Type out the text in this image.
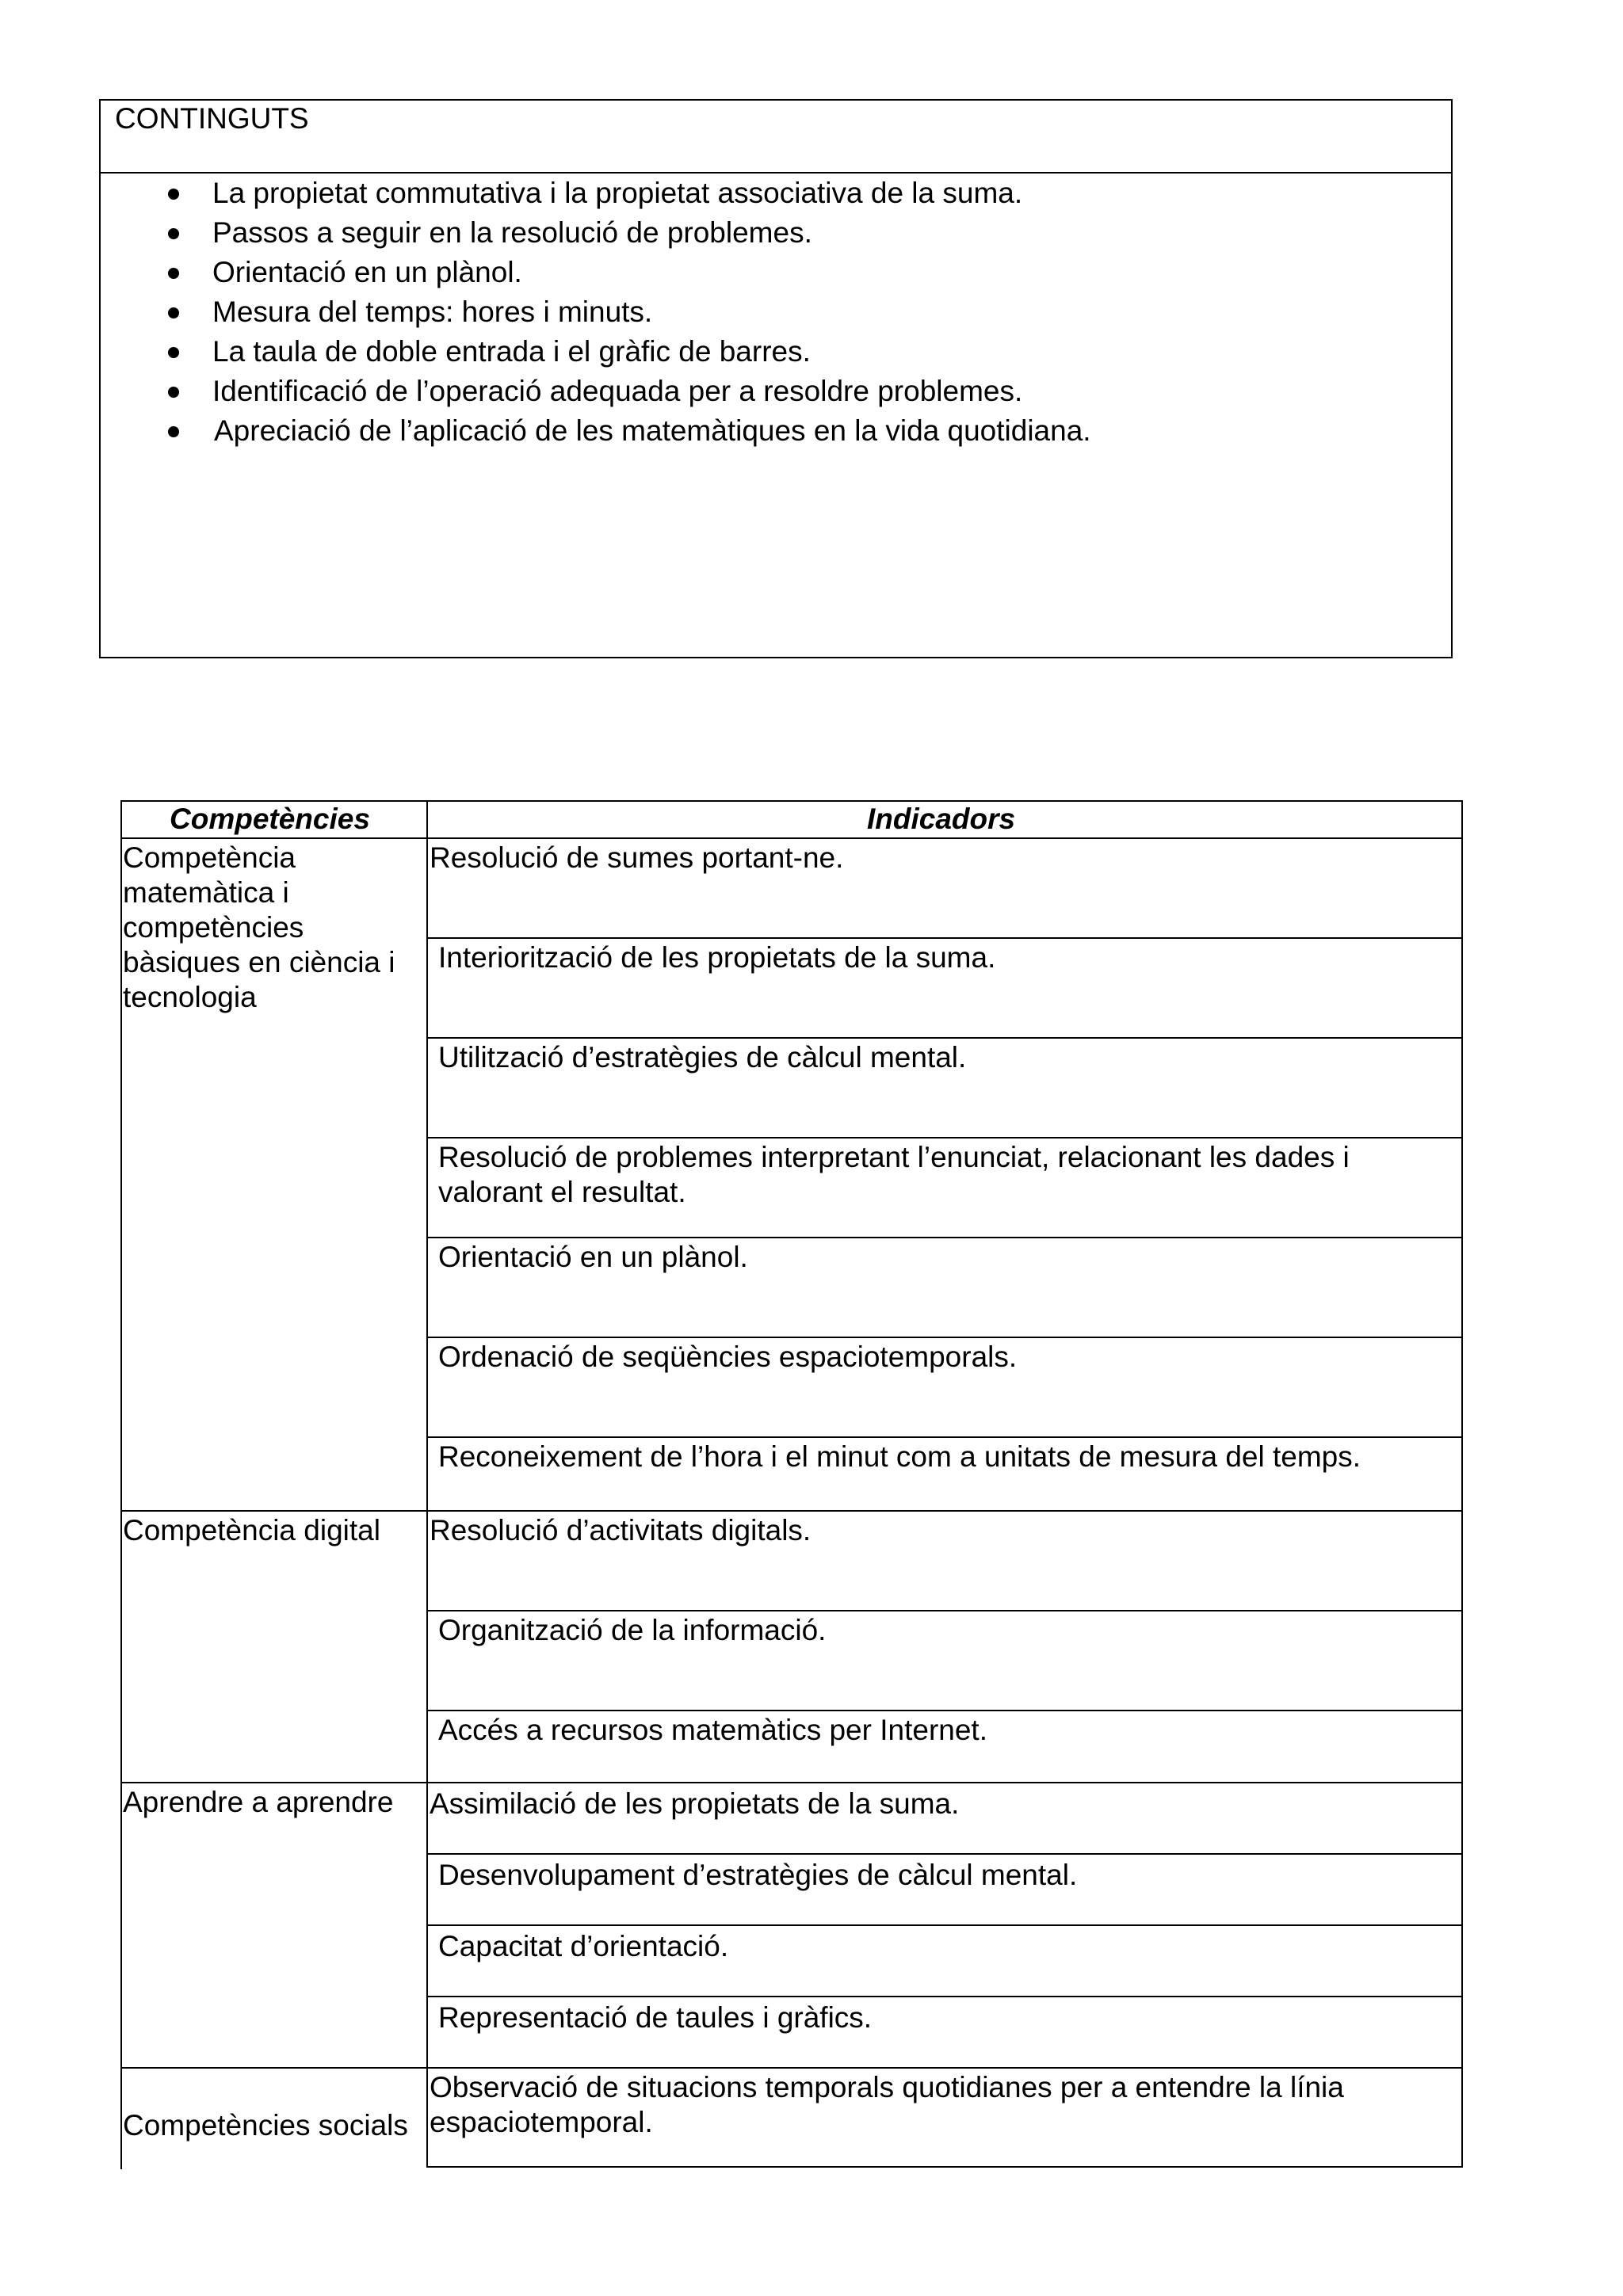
CONTINGUTS
La propietat commutativa i la propietat associativa de la suma.
Passos a seguir en la resolució de problemes.
Orientació en un plànol.
Mesura del temps: hores i minuts.
La taula de doble entrada i el gràfic de barres.
Identificació de l’operació adequada per a resoldre problemes.
Apreciació de l’aplicació de les matemàtiques en la vida quotidiana.
Competències	Indicadors
Competència
matemàtica i
competències
bàsiques en ciència i
tecnologia
Resolució de sumes portant-ne.
Interiorització de les propietats de la suma.
Utilització d’estratègies de càlcul mental.
Resolució de problemes interpretant l’enunciat, relacionant les dades i
valorant el resultat.
Orientació en un plànol.
Ordenació de seqüències espaciotemporals.
Reconeixement de l’hora i el minut com a unitats de mesura del temps.
Competència digital Resolució d’activitats digitals.
Organització de la informació.
Accés a recursos matemàtics per Internet.
Aprendre a aprendre Assimilació de les propietats de la suma.
Desenvolupament d’estratègies de càlcul mental.
Capacitat d’orientació.
Representació de taules i gràfics.
Competències socials
Observació de situacions temporals quotidianes per a entendre la línia
espaciotemporal.
